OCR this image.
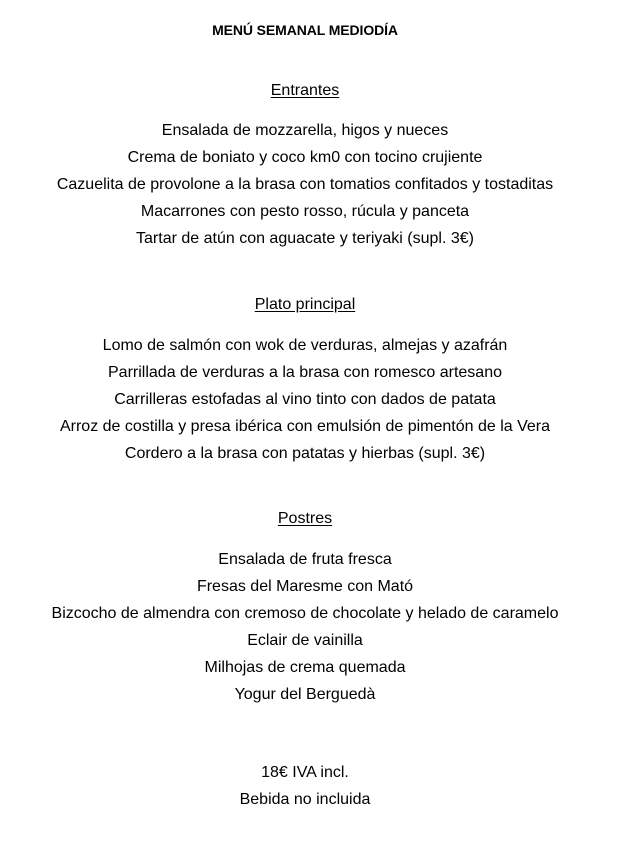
MENÚ SEMANAL MEDIODÍA
Entrantes
Ensalada de mozzarella, higos y nueces
Crema de boniato y coco km0 con tocino crujiente
Cazuelita de provolone a la brasa con tomatios confitados y tostaditas
Macarrones con pesto rosso, rúcula y panceta
Tartar de atún con aguacate y teriyaki (supl. 3€)
Plato principal
Lomo de salmón con wok de verduras, almejas y azafrán
Parrillada de verduras a la brasa con romesco artesano
Carrilleras estofadas al vino tinto con dados de patata
Arroz de costilla y presa ibérica con emulsión de pimentón de la Vera
Cordero a la brasa con patatas y hierbas (supl. 3€)
Postres
Ensalada de fruta fresca
Fresas del Maresme con Mató
Bizcocho de almendra con cremoso de chocolate y helado de caramelo
Eclair de vainilla
Milhojas de crema quemada
Yogur del Berguedà
18€ IVA incl.
Bebida no incluida
